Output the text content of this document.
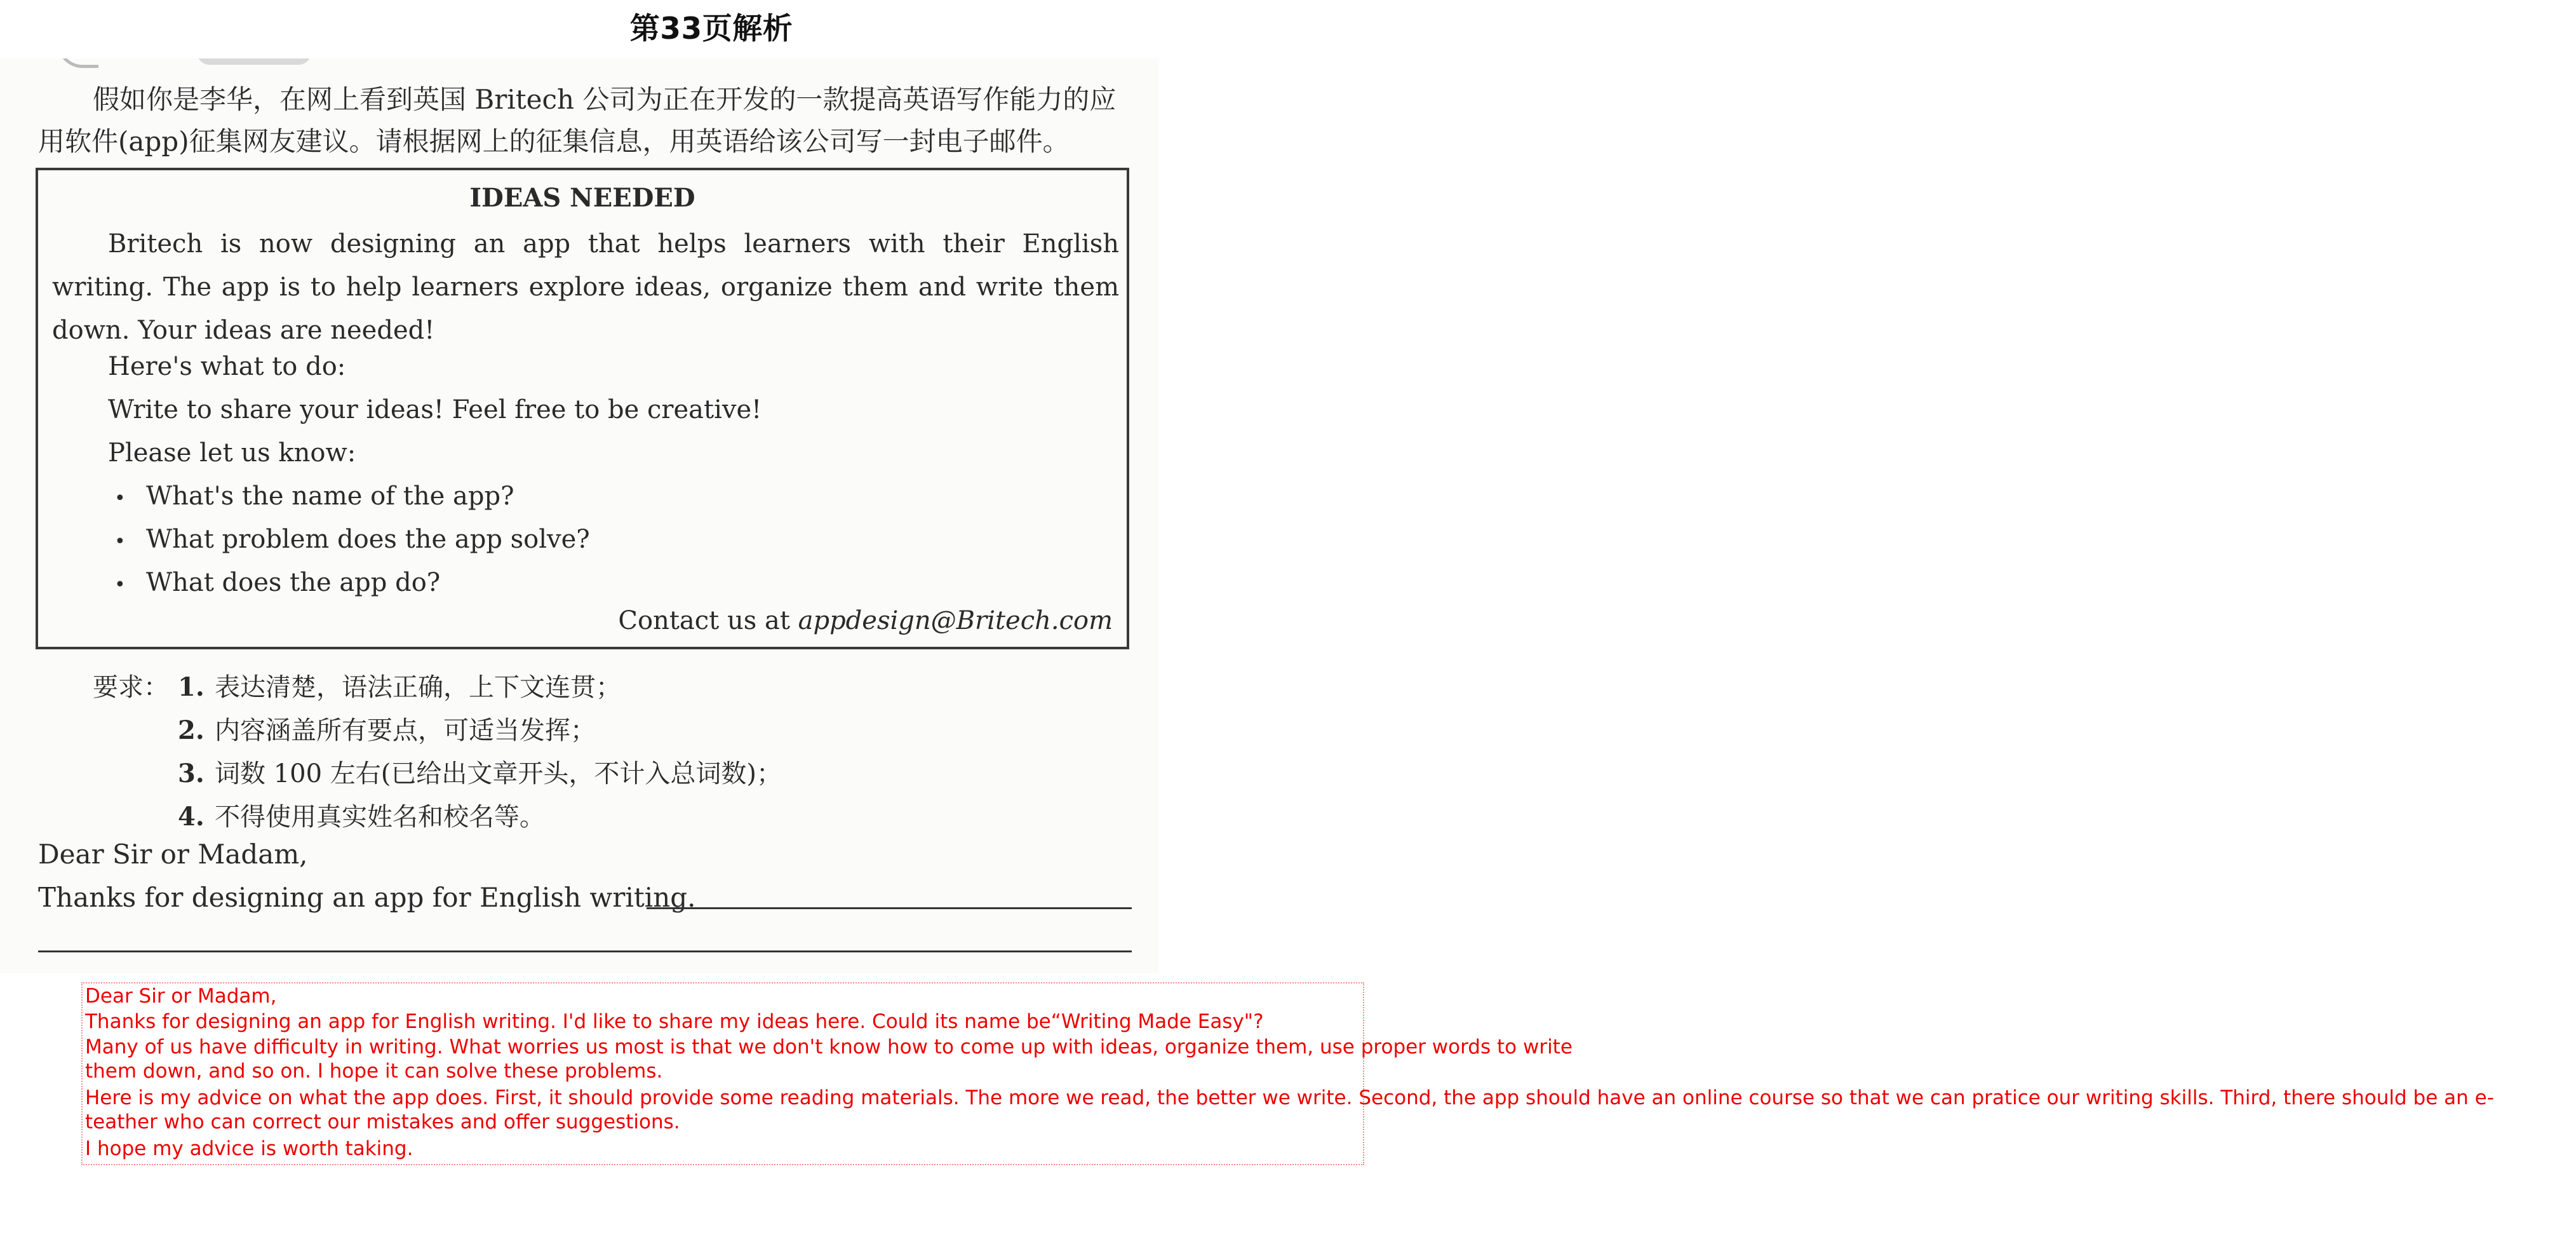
第33页解析
假如你是李华，在网上看到英国 Britech 公司为正在开发的一款提高英语写作能力的应
用软件(app)征集网友建议。请根据网上的征集信息，用英语给该公司写一封电子邮件。
IDEAS NEEDED
Britech is now designing an app that helps learners with their English writing. The app is to help learners explore ideas, organize them and write them down. Your ideas are needed!
Here's what to do:
Write to share your ideas! Feel free to be creative!
Please let us know:
• What's the name of the app?
• What problem does the app solve?
• What does the app do?
Contact us at appdesign@Britech.com
要求： 1. 表达清楚，语法正确，上下文连贯；
2. 内容涵盖所有要点，可适当发挥；
3. 词数 100 左右(已给出文章开头，不计入总词数)；
4. 不得使用真实姓名和校名等。
Dear Sir or Madam,
Thanks for designing an app for English writing.
Dear Sir or Madam,
Thanks for designing an app for English writing. I'd like to share my ideas here. Could its name be“Writing Made Easy"?
Many of us have difficulty in writing. What worries us most is that we don't know how to come up with ideas, organize them, use proper words to write
them down, and so on. I hope it can solve these problems.
Here is my advice on what the app does. First, it should provide some reading materials. The more we read, the better we write. Second, the app should have an online course so that we can pratice our writing skills. Third, there should be an e-
teather who can correct our mistakes and offer suggestions.
I hope my advice is worth taking.
